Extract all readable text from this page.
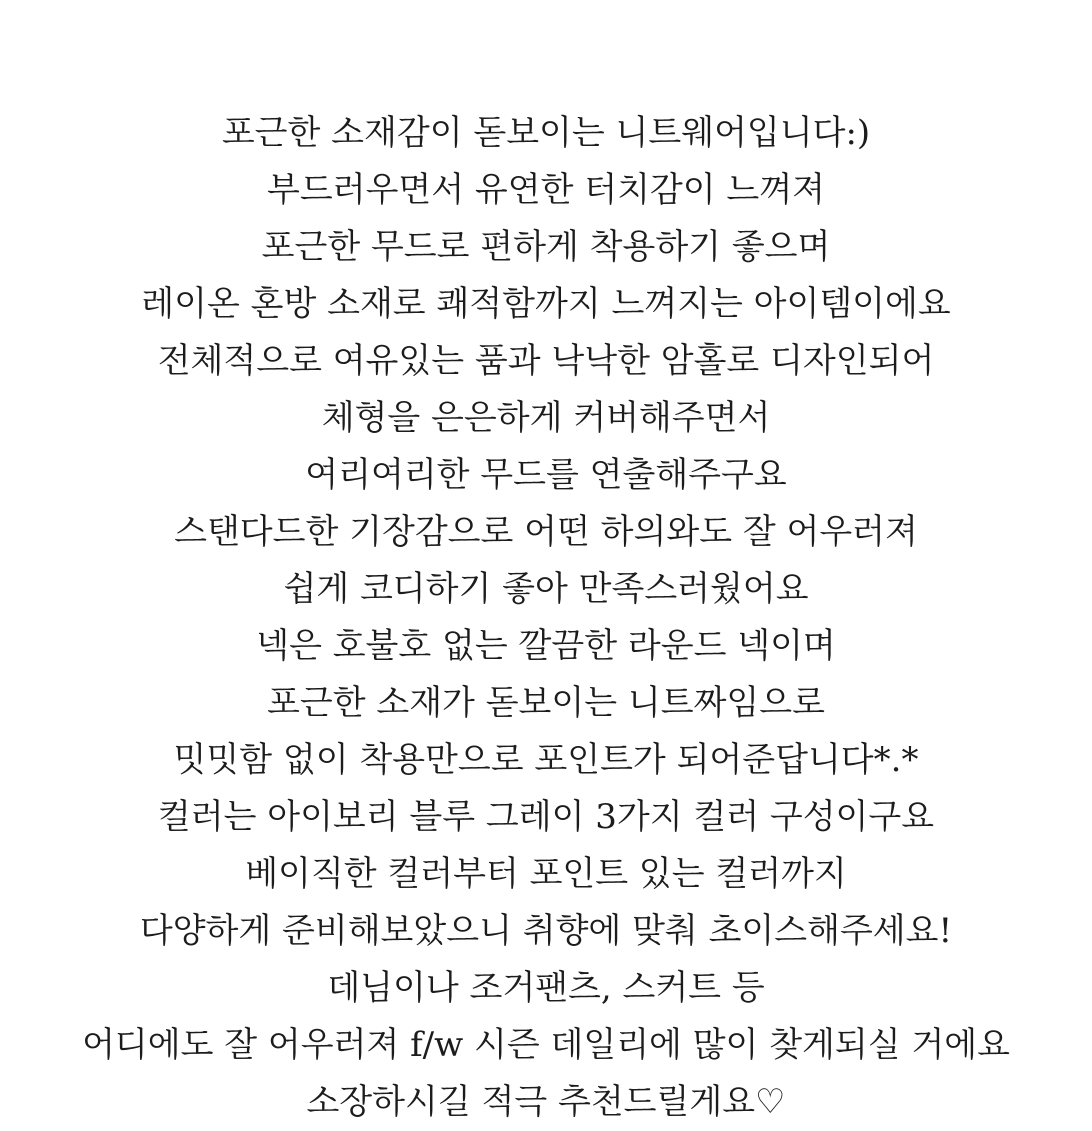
포근한 소재감이 돋보이는 니트웨어입니다:)
부드러우면서 유연한 터치감이 느껴져
포근한 무드로 편하게 착용하기 좋으며
레이온 혼방 소재로 쾌적함까지 느껴지는 아이템이에요
전체적으로 여유있는 품과 낙낙한 암홀로 디자인되어
체형을 은은하게 커버해주면서
여리여리한 무드를 연출해주구요
스탠다드한 기장감으로 어떤 하의와도 잘 어우러져
쉽게 코디하기 좋아 만족스러웠어요
넥은 호불호 없는 깔끔한 라운드 넥이며
포근한 소재가 돋보이는 니트짜임으로
밋밋함 없이 착용만으로 포인트가 되어준답니다*.*
컬러는 아이보리 블루 그레이 3가지 컬러 구성이구요
베이직한 컬러부터 포인트 있는 컬러까지
다양하게 준비해보았으니 취향에 맞춰 초이스해주세요!
데님이나 조거팬츠, 스커트 등
어디에도 잘 어우러져 f/w 시즌 데일리에 많이 찾게되실 거에요
소장하시길 적극 추천드릴게요♡
